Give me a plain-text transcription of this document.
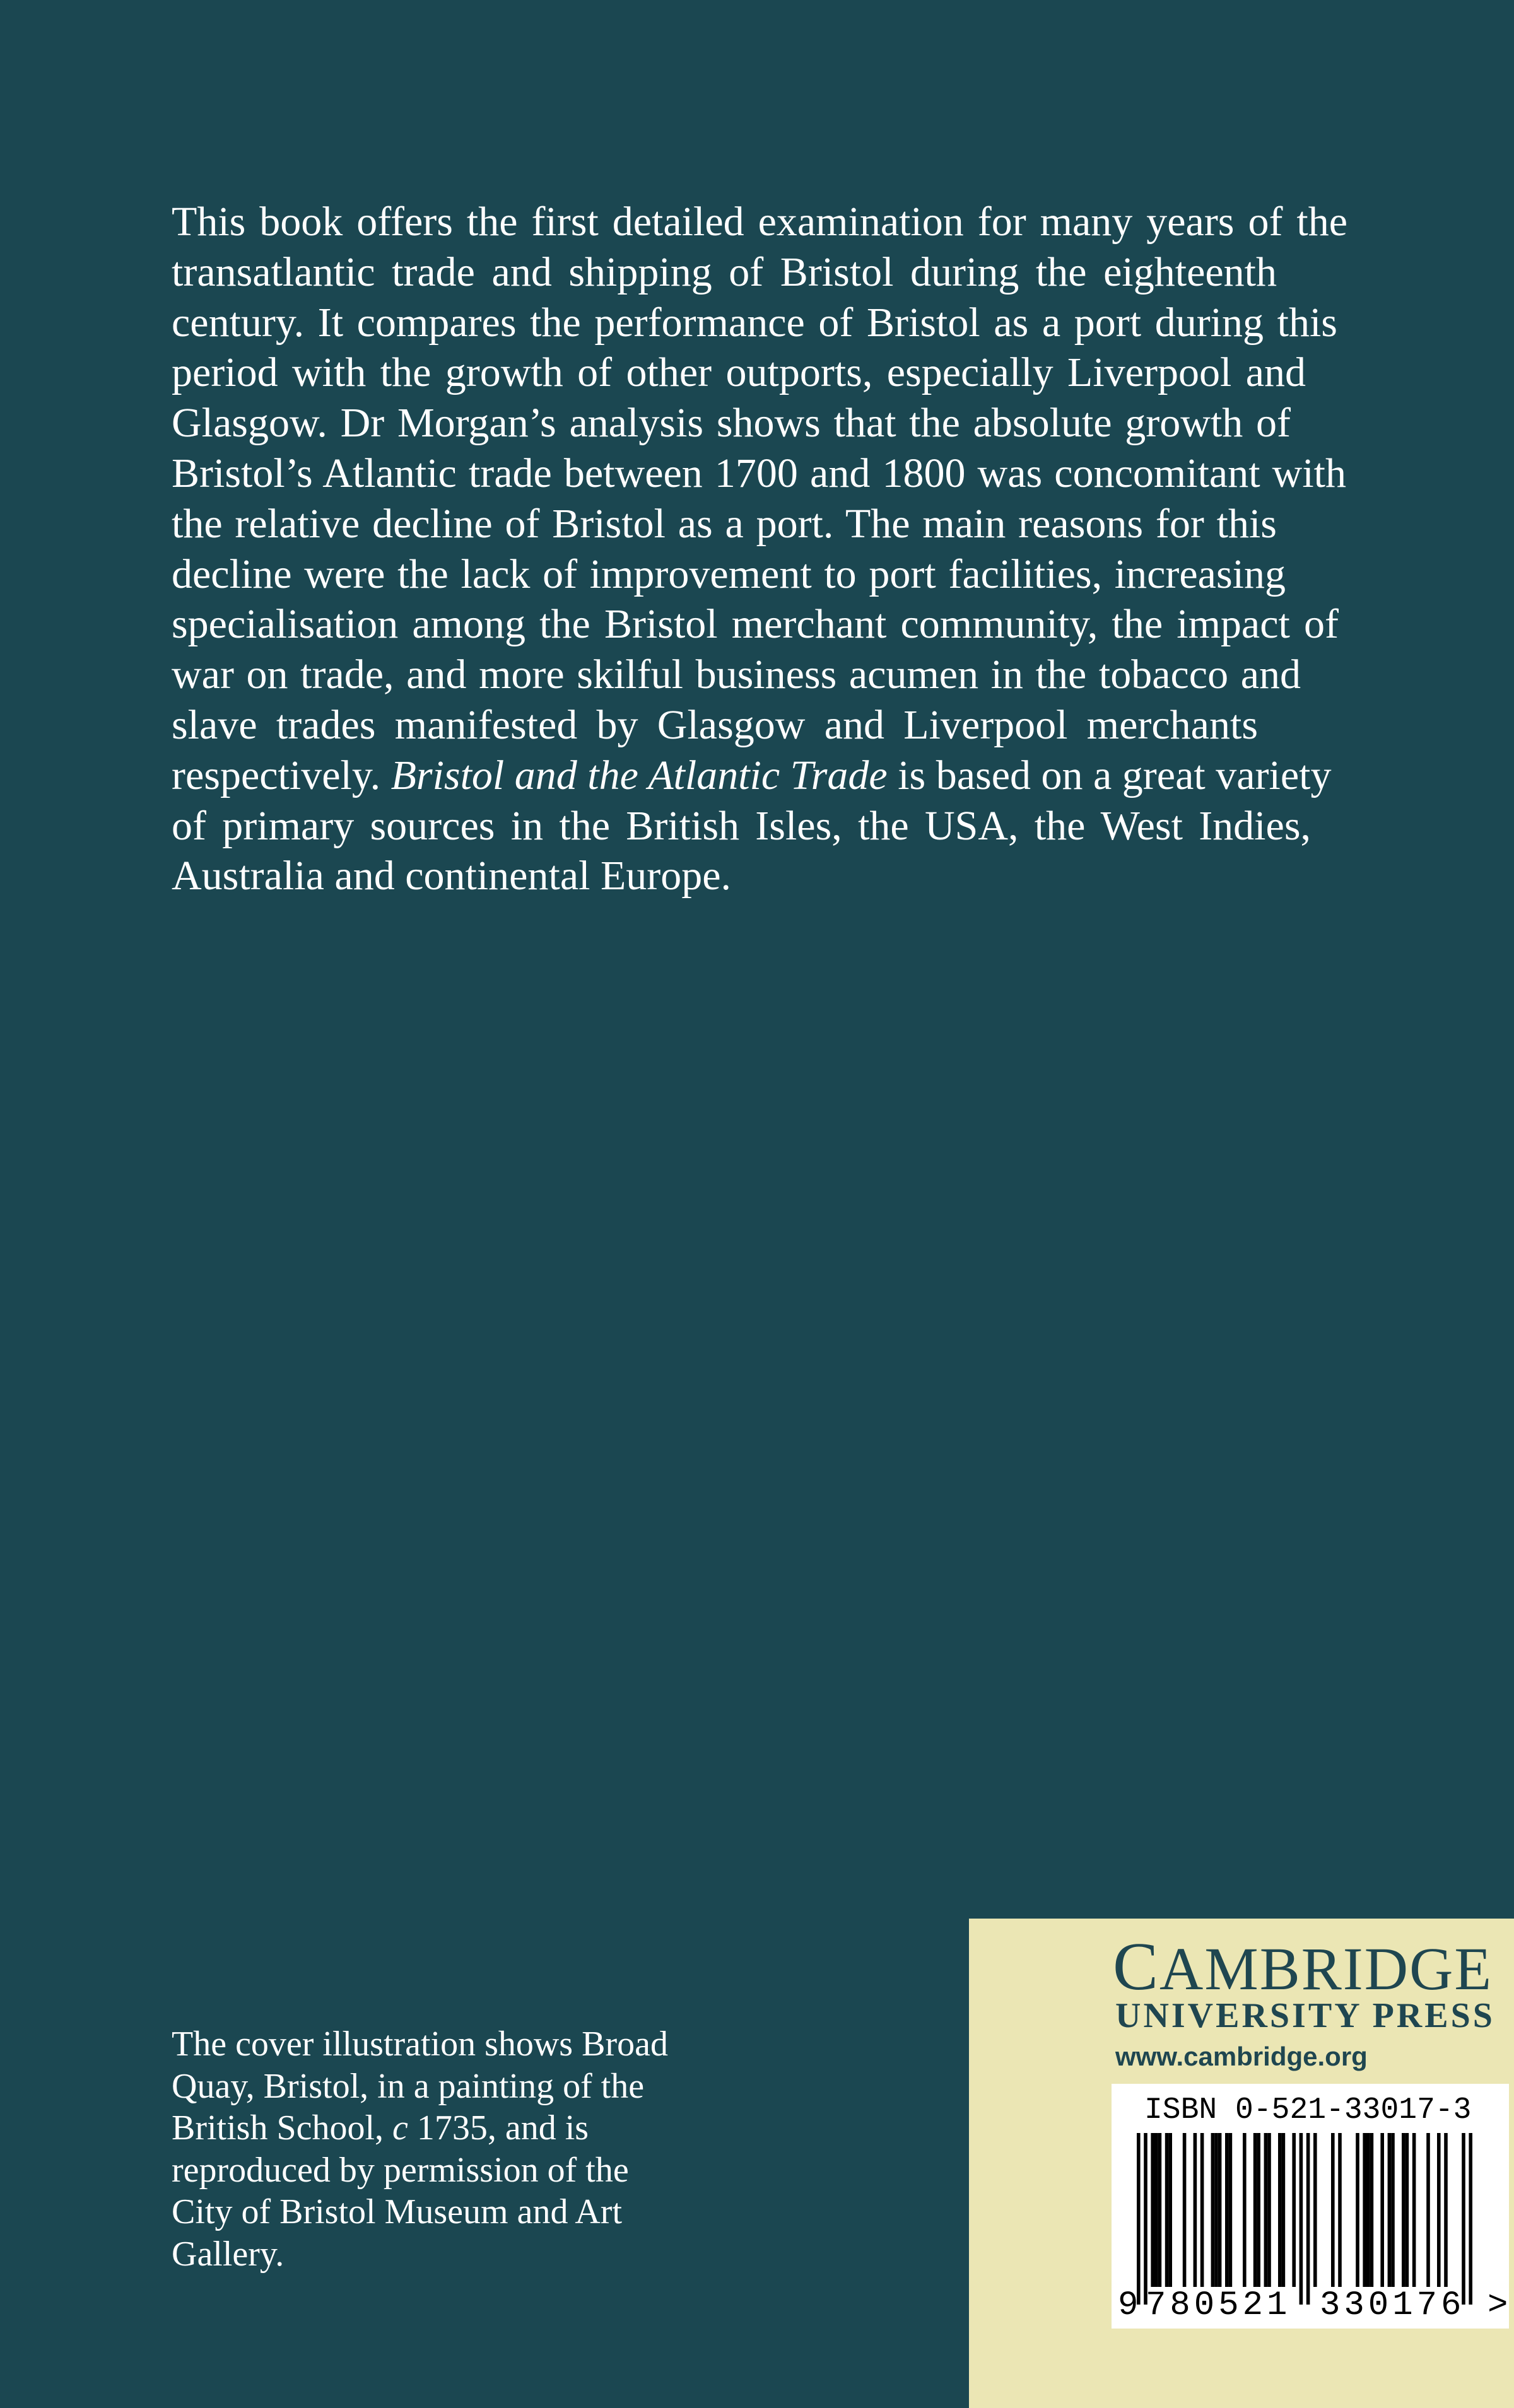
This book offers the first detailed examination for many years of the
transatlantic trade and shipping of Bristol during the eighteenth
century. It compares the performance of Bristol as a port during this
period with the growth of other outports, especially Liverpool and
Glasgow. Dr Morgan’s analysis shows that the absolute growth of
Bristol’s Atlantic trade between 1700 and 1800 was concomitant with
the relative decline of Bristol as a port. The main reasons for this
decline were the lack of improvement to port facilities, increasing
specialisation among the Bristol merchant community, the impact of
war on trade, and more skilful business acumen in the tobacco and
slave trades manifested by Glasgow and Liverpool merchants
respectively. Bristol and the Atlantic Trade is based on a great variety
of primary sources in the British Isles, the USA, the West Indies,
Australia and continental Europe.
The cover illustration shows Broad
Quay, Bristol, in a painting of the
British School, c 1735, and is
reproduced by permission of the
City of Bristol Museum and Art
Gallery.
CAMBRIDGE
UNIVERSITY PRESS
www.cambridge.org
ISBN 0-521-33017-3
9 780521 330176 >
